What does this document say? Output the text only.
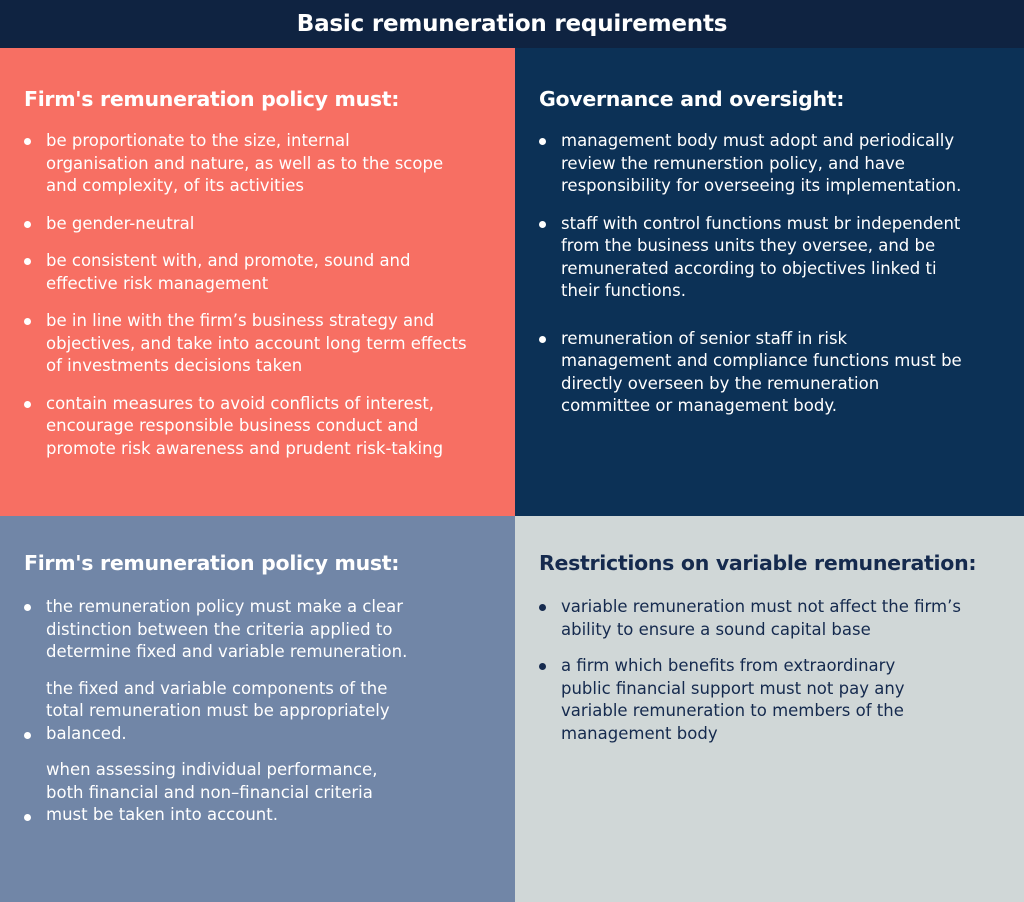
Basic remuneration requirements
Firm's remuneration policy must:
be proportionate to the size, internal
organisation and nature, as well as to the scope
and complexity, of its activities
be gender-neutral
be consistent with, and promote, sound and
effective risk management
be in line with the firm’s business strategy and
objectives, and take into account long term effects
of investments decisions taken
contain measures to avoid conflicts of interest,
encourage responsible business conduct and
promote risk awareness and prudent risk-taking
Governance and oversight:
management body must adopt and periodically
review the remunerstion policy, and have
responsibility for overseeing its implementation.
staff with control functions must br independent
from the business units they oversee, and be
remunerated according to objectives linked ti
their functions.
remuneration of senior staff in risk
management and compliance functions must be
directly overseen by the remuneration
committee or management body.
Firm's remuneration policy must:
the remuneration policy must make a clear
distinction between the criteria applied to
determine fixed and variable remuneration.
the fixed and variable components of the
total remuneration must be appropriately
balanced.
when assessing individual performance,
both financial and non–financial criteria
must be taken into account.
Restrictions on variable remuneration:
variable remuneration must not affect the firm’s
ability to ensure a sound capital base
a firm which benefits from extraordinary
public financial support must not pay any
variable remuneration to members of the
management body
